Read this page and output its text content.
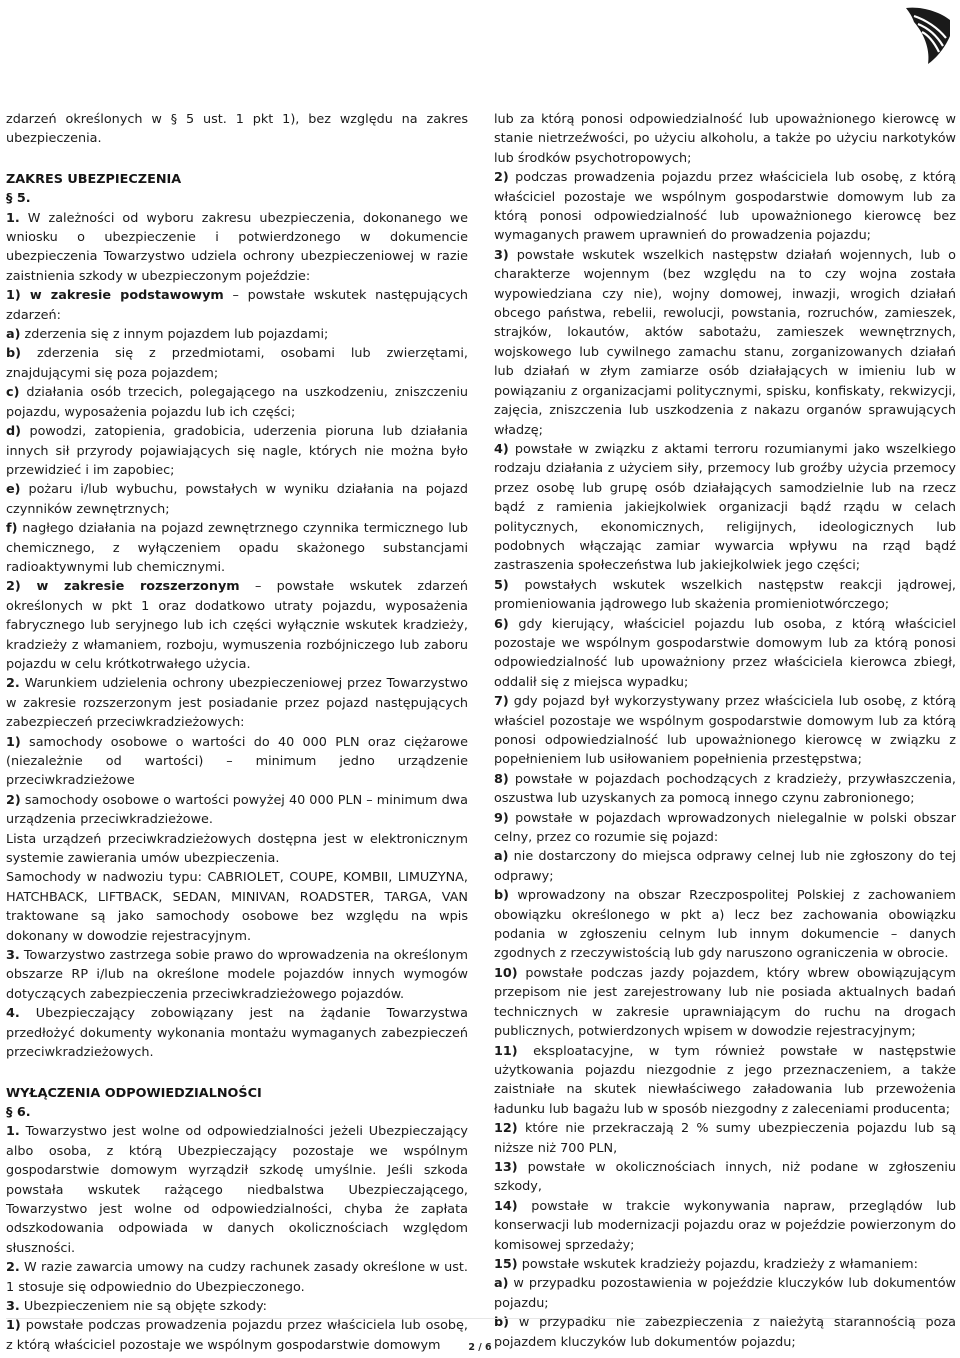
zdarzeń określonych w § 5 ust. 1 pkt 1), bez względu na zakres ubezpieczenia.

ZAKRES UBEZPIECZENIA

§ 5.

1. W zależności od wyboru zakresu ubezpieczenia, dokonanego we wniosku o ubezpieczenie i potwierdzonego w dokumencie ubezpieczenia Towarzystwo udziela ochrony ubezpieczeniowej w razie zaistnienia szkody w ubezpieczonym pojeździe:

1) w zakresie podstawowym – powstałe wskutek następujących zdarzeń:

a) zderzenia się z innym pojazdem lub pojazdami;

b) zderzenia się z przedmiotami, osobami lub zwierzętami, znajdującymi się poza pojazdem;

c) działania osób trzecich, polegającego na uszkodzeniu, zniszczeniu pojazdu, wyposażenia pojazdu lub ich części;

d) powodzi, zatopienia, gradobicia, uderzenia pioruna lub działania innych sił przyrody pojawiających się nagle, których nie można było przewidzieć i im zapobiec;

e) pożaru i/lub wybuchu, powstałych w wyniku działania na pojazd czynników zewnętrznych;

f) nagłego działania na pojazd zewnętrznego czynnika termicznego lub chemicznego, z wyłączeniem opadu skażonego substancjami radioaktywnymi lub chemicznymi.

2) w zakresie rozszerzonym – powstałe wskutek zdarzeń określonych w pkt 1 oraz dodatkowo utraty pojazdu, wyposażenia fabrycznego lub seryjnego lub ich części wyłącznie wskutek kradzieży, kradzieży z włamaniem, rozboju, wymuszenia rozbójniczego lub zaboru pojazdu w celu krótkotrwałego użycia.

2. Warunkiem udzielenia ochrony ubezpieczeniowej przez Towarzystwo w zakresie rozszerzonym jest posiadanie przez pojazd następujących zabezpieczeń przeciwkradzieżowych:

1) samochody osobowe o wartości do 40 000 PLN oraz ciężarowe (niezależnie od wartości) – minimum jedno urządzenie przeciwkradzieżowe

2) samochody osobowe o wartości powyżej 40 000 PLN – minimum dwa urządzenia przeciwkradzieżowe.

Lista urządzeń przeciwkradzieżowych dostępna jest w elektronicznym systemie zawierania umów ubezpieczenia.

Samochody w nadwoziu typu: CABRIOLET, COUPE, KOMBII, LIMUZYNA, HATCHBACK, LIFTBACK, SEDAN, MINIVAN, ROADSTER, TARGA, VAN traktowane są jako samochody osobowe bez względu na wpis dokonany w dowodzie rejestracyjnym.

3. Towarzystwo zastrzega sobie prawo do wprowadzenia na określonym obszarze RP i/lub na określone modele pojazdów innych wymogów dotyczących zabezpieczenia przeciwkradzieżowego pojazdów.

4. Ubezpieczający zobowiązany jest na żądanie Towarzystwa przedłożyć dokumenty wykonania montażu wymaganych zabezpieczeń przeciwkradzieżowych.

WYŁĄCZENIA ODPOWIEDZIALNOŚCI

§ 6.

1. Towarzystwo jest wolne od odpowiedzialności jeżeli Ubezpieczający albo osoba, z którą Ubezpieczający pozostaje we wspólnym gospodarstwie domowym wyrządził szkodę umyślnie. Jeśli szkoda powstała wskutek rażącego niedbalstwa Ubezpieczającego, Towarzystwo jest wolne od odpowiedzialności, chyba że zapłata odszkodowania odpowiada w danych okolicznościach względom słuszności.

2. W razie zawarcia umowy na cudzy rachunek zasady określone w ust. 1 stosuje się odpowiednio do Ubezpieczonego.

3. Ubezpieczeniem nie są objęte szkody:

1) powstałe podczas prowadzenia pojazdu przez właściciela lub osobę, z którą właściciel pozostaje we wspólnym gospodarstwie domowym

lub za którą ponosi odpowiedzialność lub upoważnionego kierowcę w stanie nietrzeźwości, po użyciu alkoholu, a także po użyciu narkotyków lub środków psychotropowych;

2) podczas prowadzenia pojazdu przez właściciela lub osobę, z którą właściciel pozostaje we wspólnym gospodarstwie domowym lub za którą ponosi odpowiedzialność lub upoważnionego kierowcę bez wymaganych prawem uprawnień do prowadzenia pojazdu;

3) powstałe wskutek wszelkich następstw działań wojennych, lub o charakterze wojennym (bez względu na to czy wojna została wypowiedziana czy nie), wojny domowej, inwazji, wrogich działań obcego państwa, rebelii, rewolucji, powstania, rozruchów, zamieszek, strajków, lokautów, aktów sabotażu, zamieszek wewnętrznych, wojskowego lub cywilnego zamachu stanu, zorganizowanych działań lub działań w złym zamiarze osób działających w imieniu lub w powiązaniu z organizacjami politycznymi, spisku, konfiskaty, rekwizycji, zajęcia, zniszczenia lub uszkodzenia z nakazu organów sprawujących władzę;

4) powstałe w związku z aktami terroru rozumianymi jako wszelkiego rodzaju działania z użyciem siły, przemocy lub groźby użycia przemocy przez osobę lub grupę osób działających samodzielnie lub na rzecz bądź z ramienia jakiejkolwiek organizacji bądź rządu w celach politycznych, ekonomicznych, religijnych, ideologicznych lub podobnych włączając zamiar wywarcia wpływu na rząd bądź zastraszenia społeczeństwa lub jakiejkolwiek jego części;

5) powstałych wskutek wszelkich następstw reakcji jądrowej, promieniowania jądrowego lub skażenia promieniotwórczego;

6) gdy kierujący, właściciel pojazdu lub osoba, z którą właściciel pozostaje we wspólnym gospodarstwie domowym lub za którą ponosi odpowiedzialność lub upoważniony przez właściciela kierowca zbiegł, oddalił się z miejsca wypadku;

7) gdy pojazd był wykorzystywany przez właściciela lub osobę, z którą właściel pozostaje we wspólnym gospodarstwie domowym lub za którą ponosi odpowiedzialność lub upoważnionego kierowcę w związku z popełnieniem lub usiłowaniem popełnienia przestępstwa;

8) powstałe w pojazdach pochodzących z kradzieży, przywłaszczenia, oszustwa lub uzyskanych za pomocą innego czynu zabronionego;

9) powstałe w pojazdach wprowadzonych nielegalnie w polski obszar celny, przez co rozumie się pojazd:

a) nie dostarczony do miejsca odprawy celnej lub nie zgłoszony do tej odprawy;

b) wprowadzony na obszar Rzeczpospolitej Polskiej z zachowaniem obowiązku określonego w pkt a) lecz bez zachowania obowiązku podania w zgłoszeniu celnym lub innym dokumencie – danych zgodnych z rzeczywistością lub gdy naruszono ograniczenia w obrocie.

10) powstałe podczas jazdy pojazdem, który wbrew obowiązującym przepisom nie jest zarejestrowany lub nie posiada aktualnych badań technicznych w zakresie uprawniającym do ruchu na drogach publicznych, potwierdzonych wpisem w dowodzie rejestracyjnym;

11) eksploatacyjne, w tym również powstałe w następstwie użytkowania pojazdu niezgodnie z jego przeznaczeniem, a także zaistniałe na skutek niewłaściwego załadowania lub przewożenia ładunku lub bagażu lub w sposób niezgodny z zaleceniami producenta;

12) które nie przekraczają 2 % sumy ubezpieczenia pojazdu lub są niższe niż 700 PLN,

13) powstałe w okolicznościach innych, niż podane w zgłoszeniu szkody,

14) powstałe w trakcie wykonywania napraw, przeglądów lub konserwacji lub modernizacji pojazdu oraz w pojeździe powierzonym do komisowej sprzedaży;

15) powstałe wskutek kradzieży pojazdu, kradzieży z włamaniem:

a) w przypadku pozostawienia w pojeździe kluczyków lub dokumentów pojazdu;

b) w przypadku nie zabezpieczenia z należytą starannością poza pojazdem kluczyków lub dokumentów pojazdu;

2 / 6
